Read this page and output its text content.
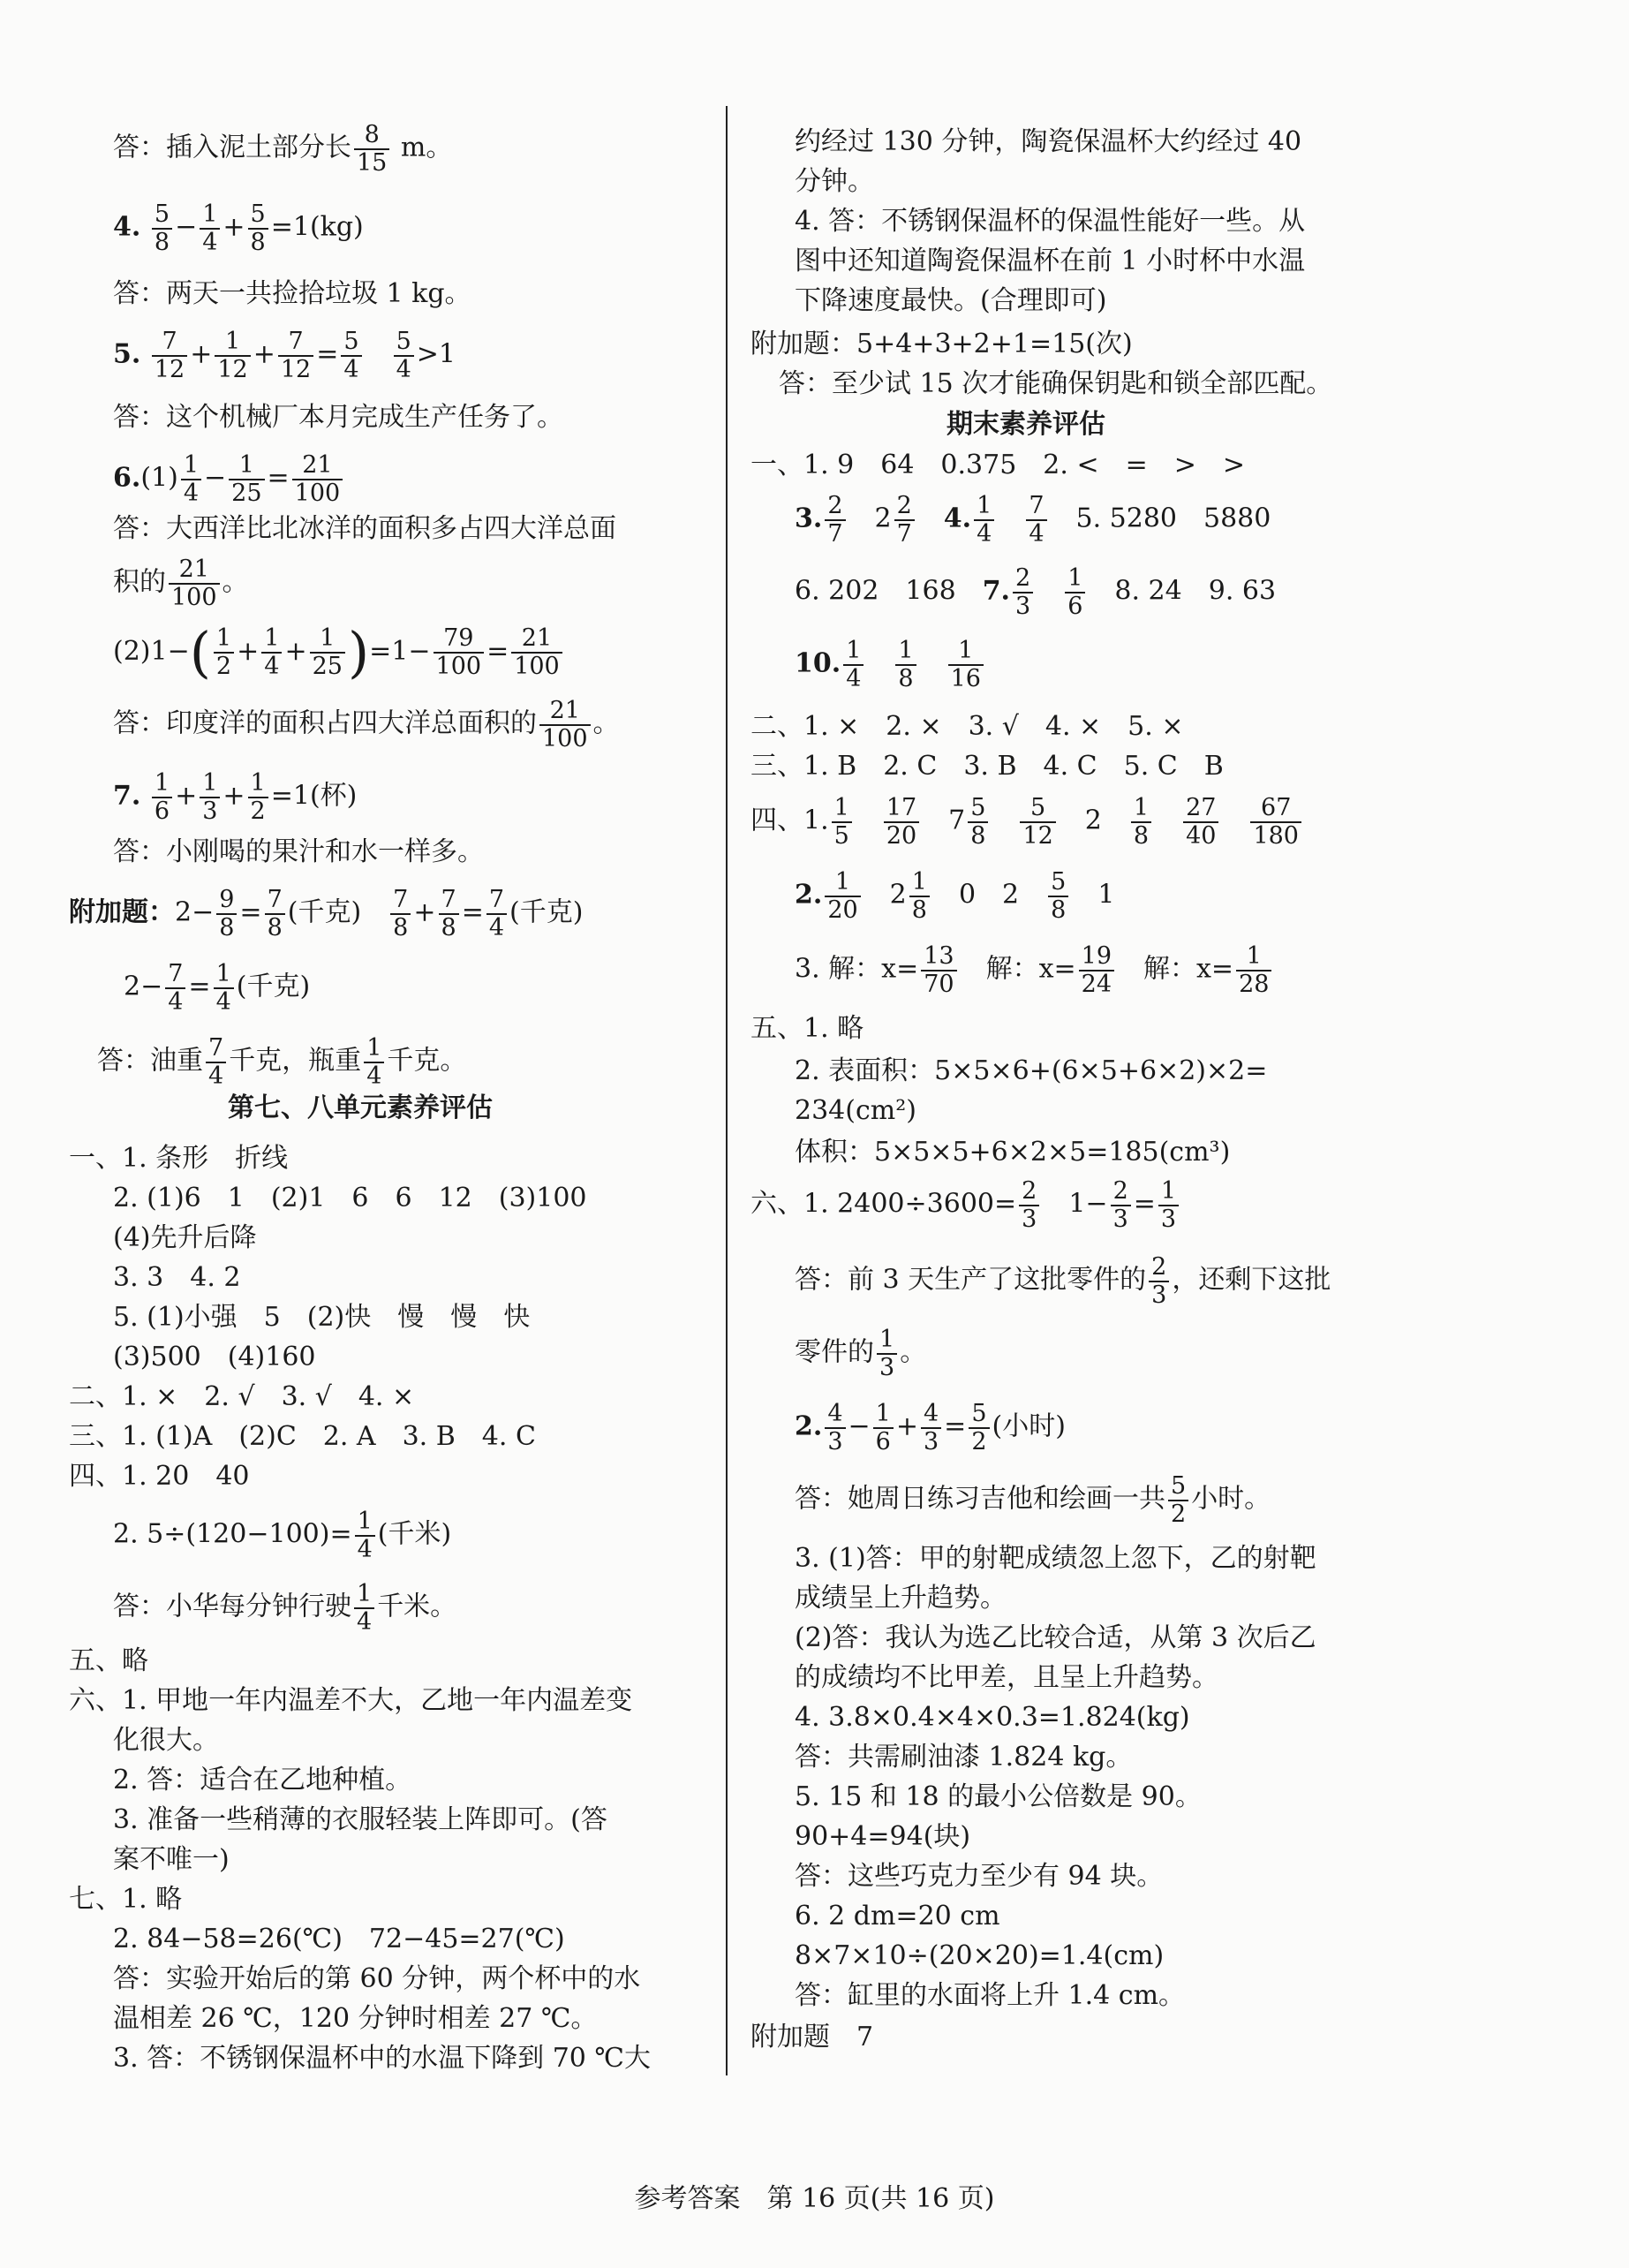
答：插入泥土部分长 $\frac{8}{15}$ m。
4. $\frac{5}{8} - \frac{1}{4} + \frac{5}{8} =1(kg)$
答：两天一共捡拾垃圾 1 kg。
5. $\frac{7}{12} + \frac{1}{12} + \frac{7}{12} = \frac{5}{4}$
　 $\frac{5}{4} >1$
答：这个机械厂本月完成生产任务了。
$6.(1) \frac{1}{4} - \frac{1}{25} = \frac{21}{100}$
答：大西洋比北冰洋的面积多占四大洋总面
积的 $\frac{21}{100}$ 。
$(2)1-( \frac{1}{2} + \frac{1}{4} + \frac{1}{25} )=1- \frac{79}{100} = \frac{21}{100}$
答：印度洋的面积占四大洋总面积的 $\frac{21}{100}$ 。
7. $\frac{1}{6} + \frac{1}{3} + \frac{1}{2} =1$(杯)
答：小刚喝的果汁和水一样多。
附加题：$2- \frac{9}{8} = \frac{7}{8}$ (千克)　 $\frac{7}{8} + \frac{7}{8} = \frac{7}{4}$ (千克)
$2- \frac{7}{4} = \frac{1}{4}$ (千克)
答：油重 $\frac{7}{4}$ 千克，瓶重 $\frac{1}{4}$ 千克。
第七、八单元素养评估
一、1. 条形　折线
2. (1)6　1　(2)1　6　6　12　(3)100
(4)先升后降
3. 3　4. 2
5. (1)小强　5　(2)快　慢　慢　快
(3)500　(4)160
二、1. ×　2. √　3. √　4. ×
三、1. (1)A　(2)C　2. A　3. B　4. C
四、1. 20　40
2. $5\div(120-100)= \frac{1}{4}$ (千米)
答：小华每分钟行驶 $\frac{1}{4}$ 千米。
五、略
六、1. 甲地一年内温差不大，乙地一年内温差变
化很大。
2. 答：适合在乙地种植。
3. 准备一些稍薄的衣服轻装上阵即可。(答
案不唯一)
七、1. 略
2. 84−58=26(℃)　72−45=27(℃)
答：实验开始后的第 60 分钟，两个杯中的水
温相差 26 ℃，120 分钟时相差 27 ℃。
3. 答：不锈钢保温杯中的水温下降到 70 ℃大
约经过 130 分钟，陶瓷保温杯大约经过 40
分钟。
4. 答：不锈钢保温杯的保温性能好一些。从
图中还知道陶瓷保温杯在前 1 小时杯中水温
下降速度最快。(合理即可)
附加题：5+4+3+2+1=15(次)
答：至少试 15 次才能确保钥匙和锁全部匹配。
期末素养评估
一、1. 9　64　0.375　2. <　=　>　>
3. $\frac{2}{7}$ 　$2 \frac{2}{7}$
　 4. $\frac{1}{4}$
　 $\frac{7}{4}$
　 5. 5280　5880
6. 202　168　 7. $\frac{2}{3}$
　 $\frac{1}{6}$
　 8. 24　 9. 63
10. $\frac{1}{4}$
　 $\frac{1}{8}$
　 $\frac{1}{16}$
二、1. ×　2. ×　3. √　4. ×　5. ×
三、1. B　2. C　3. B　4. C　5. C　B
四、1. $\frac{1}{5}$
　 $\frac{17}{20}$ 　$7 \frac{5}{8}$
　 $\frac{5}{12}$ 　2　 $\frac{1}{8}$
　 $\frac{27}{40}$
　 $\frac{67}{180}$
2. $\frac{1}{20}$ 　$2 \frac{1}{8}$ 　0　2　 $\frac{5}{8}$ 　1
3. 解：$x= \frac{13}{70}$
　 解：$x= \frac{19}{24}$
　 解：$x= \frac{1}{28}$
五、1. 略
2. 表面积：5×5×6+(6×5+6×2)×2=
234(cm²)
体积：5×5×5+6×2×5=185(cm³)
六、1. $2400\div 3600= \frac{2}{3}$ 　$1- \frac{2}{3} = \frac{1}{3}$
答：前 3 天生产了这批零件的 $\frac{2}{3}$ ，还剩下这批
零件的 $\frac{1}{3}$ 。
2. $\frac{4}{3} - \frac{1}{6} + \frac{4}{3} = \frac{5}{2}$ (小时)
答：她周日练习吉他和绘画一共 $\frac{5}{2}$ 小时。
3. (1)答：甲的射靶成绩忽上忽下，乙的射靶
成绩呈上升趋势。
(2)答：我认为选乙比较合适，从第 3 次后乙
的成绩均不比甲差，且呈上升趋势。
4. 3.8×0.4×4×0.3=1.824(kg)
答：共需刷油漆 1.824 kg。
5. 15 和 18 的最小公倍数是 90。
90+4=94(块)
答：这些巧克力至少有 94 块。
6. 2 dm=20 cm
8×7×10÷(20×20)=1.4(cm)
答：缸里的水面将上升 1.4 cm。
附加题　7
参考答案　第 16 页(共 16 页)
